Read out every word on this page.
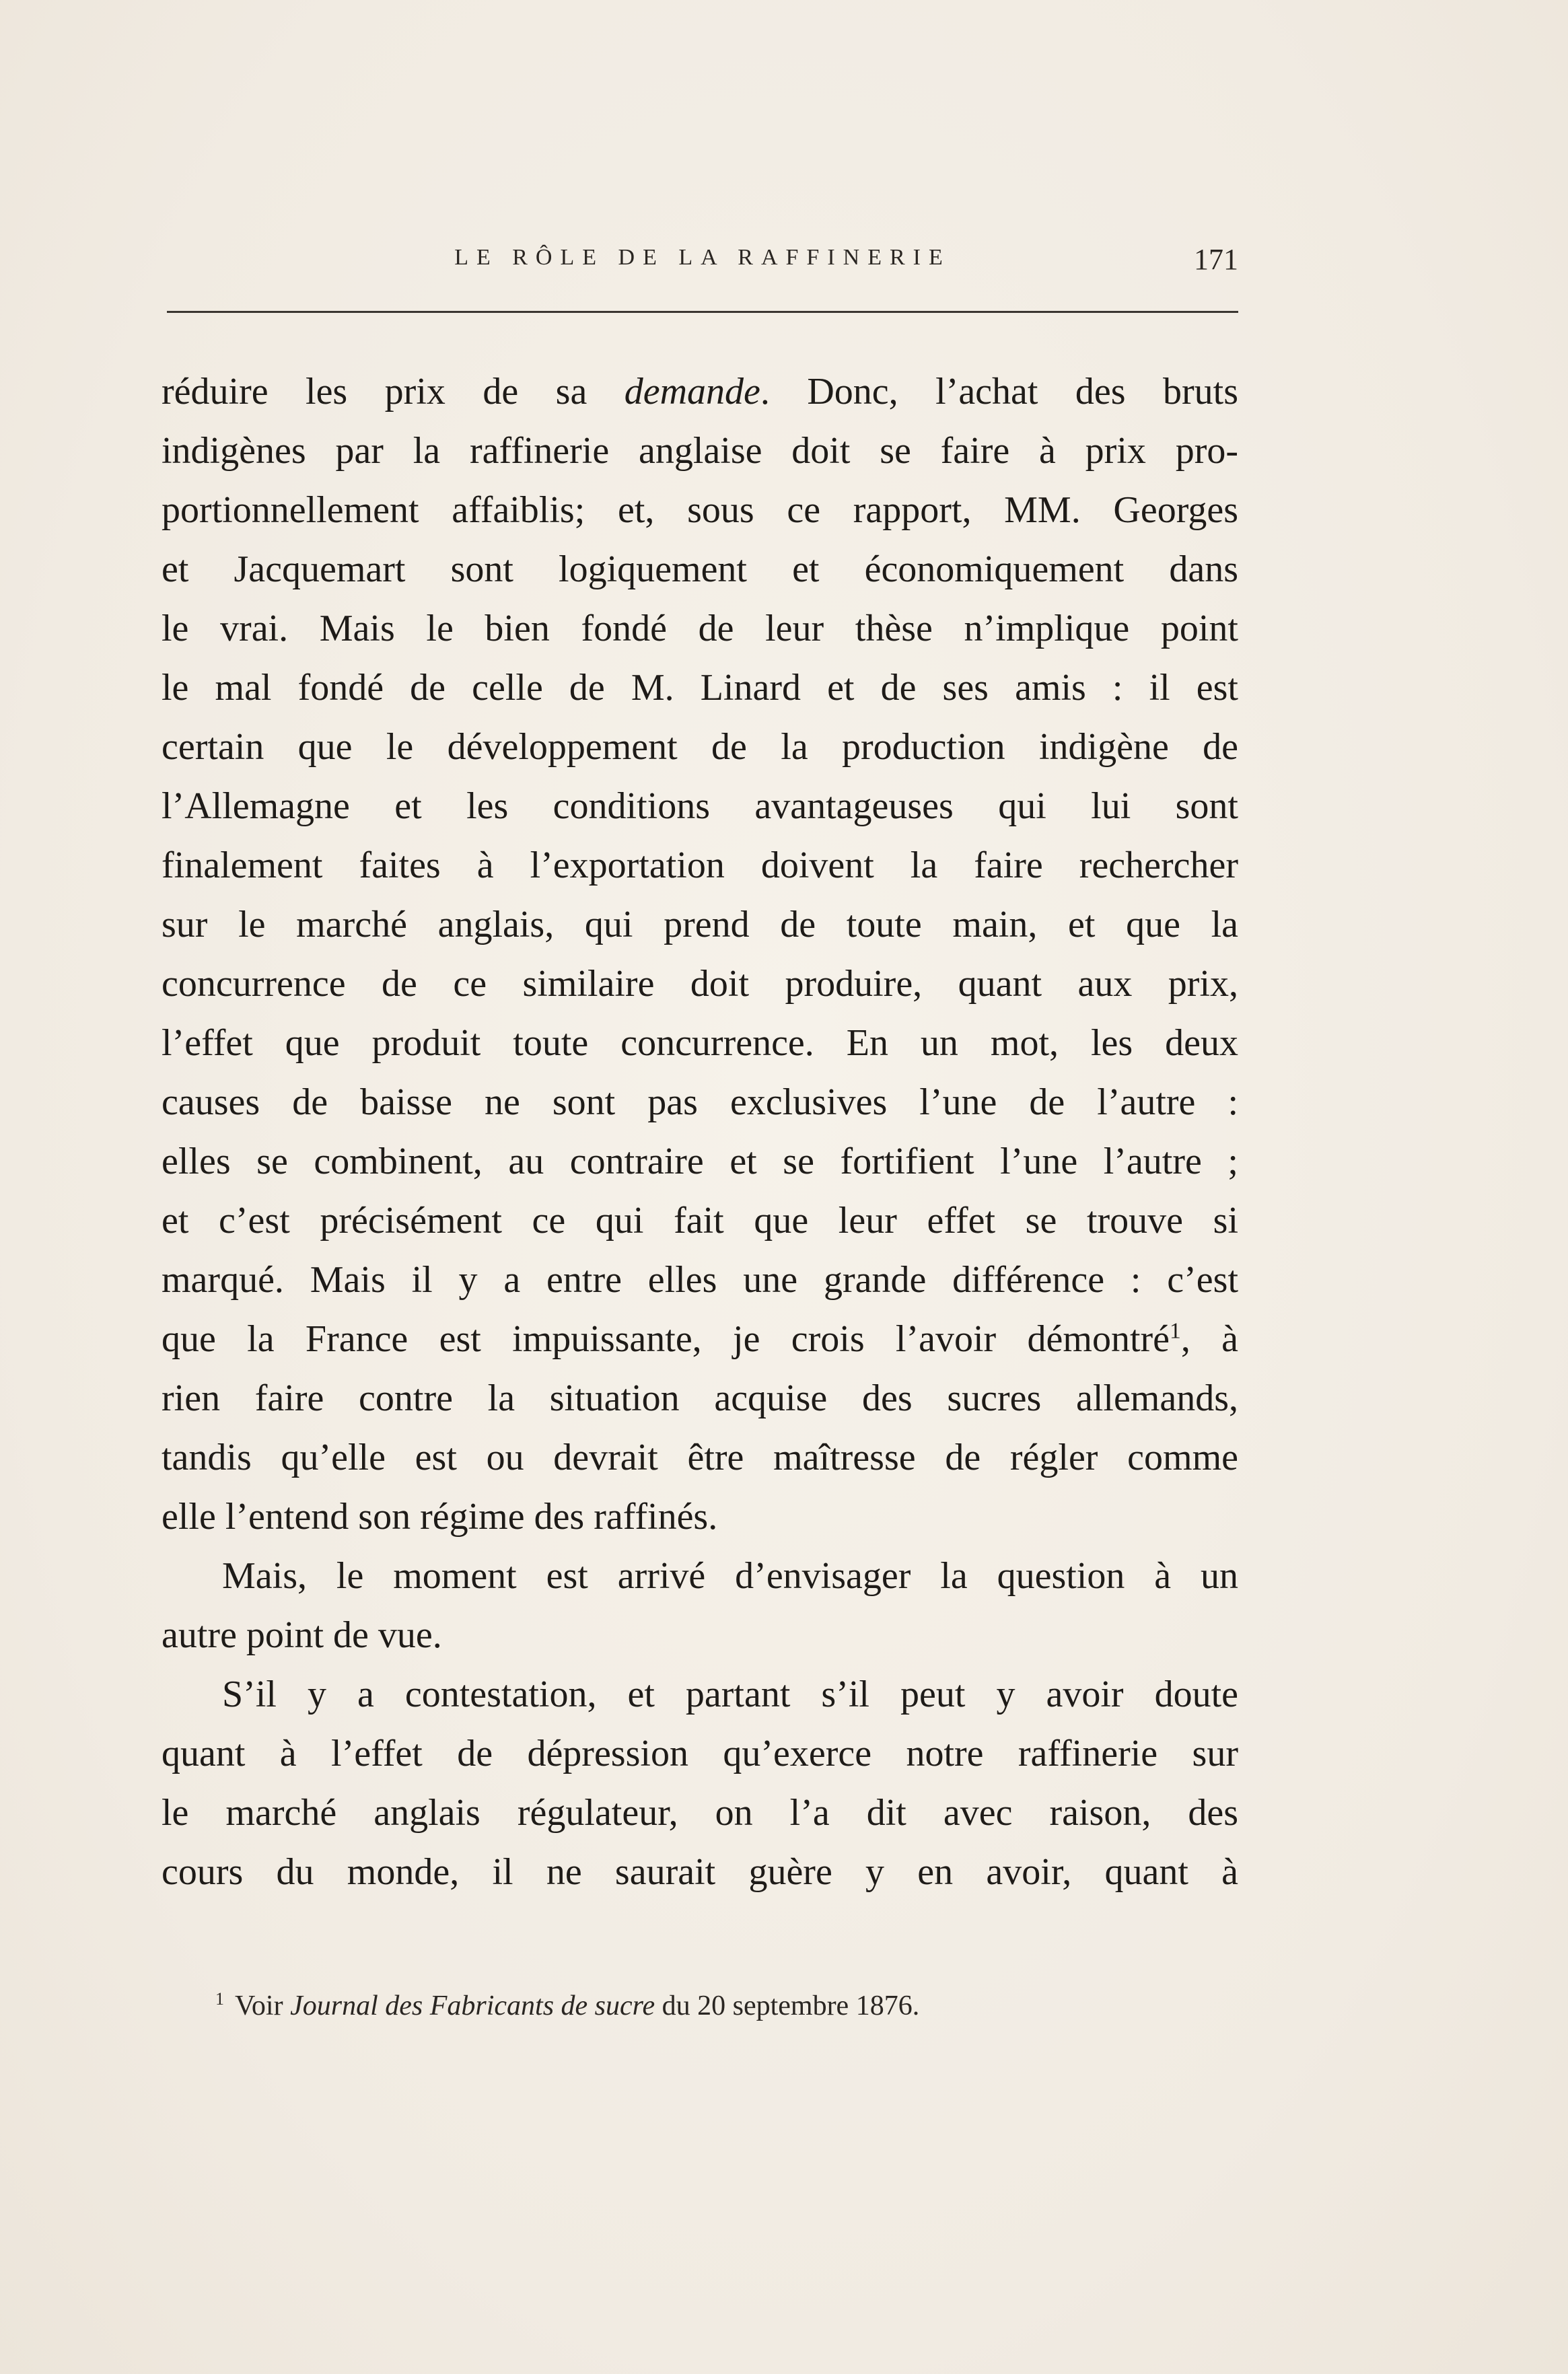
LE RÔLE DE LA RAFFINERIE	171
réduire les prix de sa demande. Donc, l’achat des bruts
indigènes par la raffinerie anglaise doit se faire à prix pro-
portionnellement affaiblis; et, sous ce rapport, MM. Georges
et Jacquemart sont logiquement et économiquement dans
le vrai. Mais le bien fondé de leur thèse n’implique point
le mal fondé de celle de M. Linard et de ses amis : il est
certain que le développement de la production indigène de
l’Allemagne et les conditions avantageuses qui lui sont
finalement faites à l’exportation doivent la faire rechercher
sur le marché anglais, qui prend de toute main, et que la
concurrence de ce similaire doit produire, quant aux prix,
l’effet que produit toute concurrence. En un mot, les deux
causes de baisse ne sont pas exclusives l’une de l’autre :
elles se combinent, au contraire et se fortifient l’une l’autre ;
et c’est précisément ce qui fait que leur effet se trouve si
marqué. Mais il y a entre elles une grande différence : c’est
que la France est impuissante, je crois l’avoir démontré$^1$, à
rien faire contre la situation acquise des sucres allemands,
tandis qu’elle est ou devrait être maîtresse de régler comme
elle l’entend son régime des raffinés.
Mais, le moment est arrivé d’envisager la question à un
autre point de vue.
S’il y a contestation, et partant s’il peut y avoir doute
quant à l’effet de dépression qu’exerce notre raffinerie sur
le marché anglais régulateur, on l’a dit avec raison, des
cours du monde, il ne saurait guère y en avoir, quant à
$^1$ Voir Journal des Fabricants de sucre du 20 septembre 1876.
